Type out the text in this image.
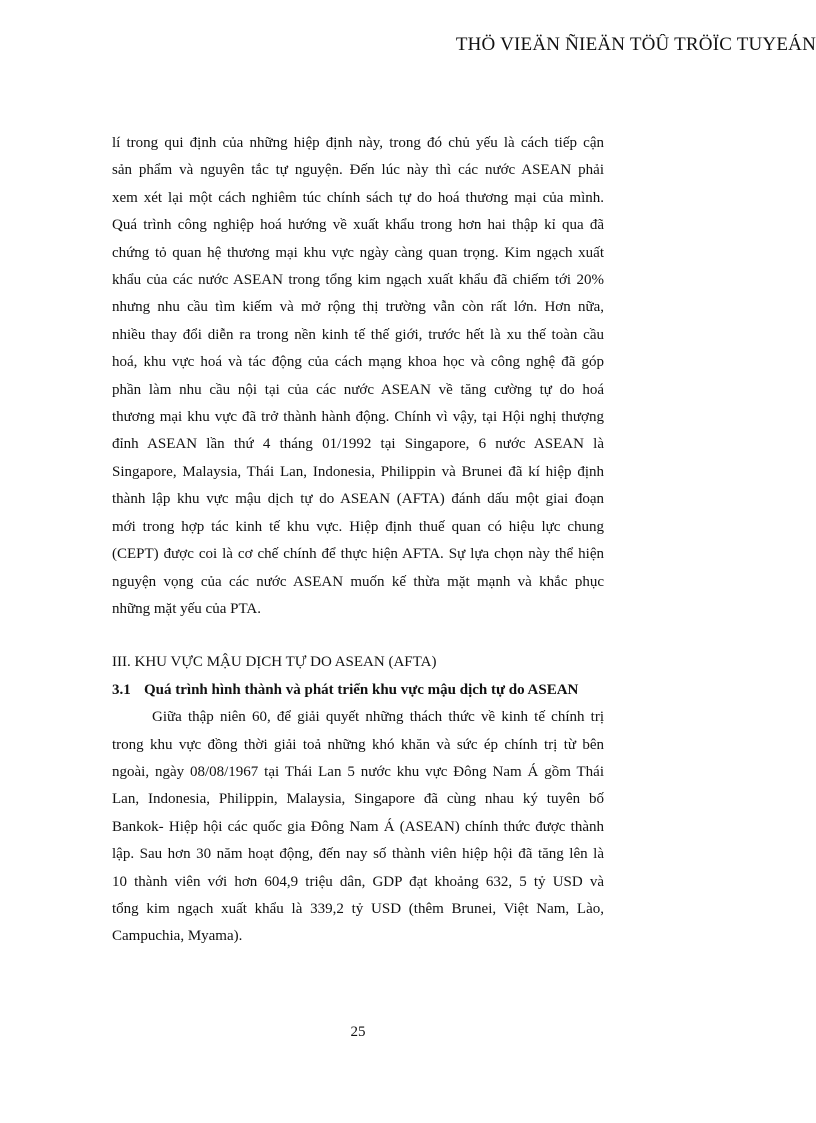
THÖ VIEÄN ÑIEÄN TÖÛ TRÖÏC TUYEÁN
lí trong qui định của những hiệp định này, trong đó chủ yếu là cách tiếp cận
sản phẩm và nguyên tắc tự nguyện. Đến lúc này thì các nước ASEAN phải
xem xét lại một cách nghiêm túc chính sách tự do hoá thương mại của mình.
Quá trình công nghiệp hoá hướng về xuất khẩu trong hơn hai thập kỉ qua đã
chứng tỏ quan hệ thương mại khu vực ngày càng quan trọng. Kim ngạch xuất
khẩu của các nước ASEAN trong tổng kim ngạch xuất khẩu đã chiếm tới 20%
nhưng nhu cầu tìm kiếm và mở rộng thị trường vẫn còn rất lớn. Hơn nữa,
nhiều thay đổi diễn ra trong nền kinh tế thế giới, trước hết là xu thế toàn cầu
hoá, khu vực hoá và tác động của cách mạng khoa học và công nghệ đã góp
phần làm nhu cầu nội tại của các nước ASEAN về tăng cường tự do hoá
thương mại khu vực đã trở thành hành động. Chính vì vậy, tại Hội nghị thượng
đỉnh ASEAN lần thứ 4 tháng 01/1992 tại Singapore, 6 nước ASEAN là
Singapore, Malaysia, Thái Lan, Indonesia, Philippin và Brunei đã kí hiệp định
thành lập khu vực mậu dịch tự do ASEAN (AFTA) đánh dấu một giai đoạn
mới trong hợp tác kinh tế khu vực. Hiệp định thuế quan có hiệu lực chung
(CEPT) được coi là cơ chế chính để thực hiện AFTA. Sự lựa chọn này thể hiện
nguyện vọng của các nước ASEAN muốn kế thừa mặt mạnh và khắc phục
những mặt yếu của PTA.
III. KHU VỰC MẬU DỊCH TỰ DO ASEAN (AFTA)
3.1 Quá trình hình thành và phát triển khu vực mậu dịch tự do ASEAN
Giữa thập niên 60, để giải quyết những thách thức về kinh tế chính trị
trong khu vực đồng thời giải toả những khó khăn và sức ép chính trị từ bên
ngoài, ngày 08/08/1967 tại Thái Lan 5 nước khu vực Đông Nam Á gồm Thái
Lan, Indonesia, Philippin, Malaysia, Singapore đã cùng nhau ký tuyên bố
Bankok- Hiệp hội các quốc gia Đông Nam Á (ASEAN) chính thức được thành
lập. Sau hơn 30 năm hoạt động, đến nay số thành viên hiệp hội đã tăng lên là
10 thành viên với hơn 604,9 triệu dân, GDP đạt khoảng 632, 5 tỷ USD và
tổng kim ngạch xuất khẩu là 339,2 tỷ USD (thêm Brunei, Việt Nam, Lào,
Campuchia, Myama).
25
